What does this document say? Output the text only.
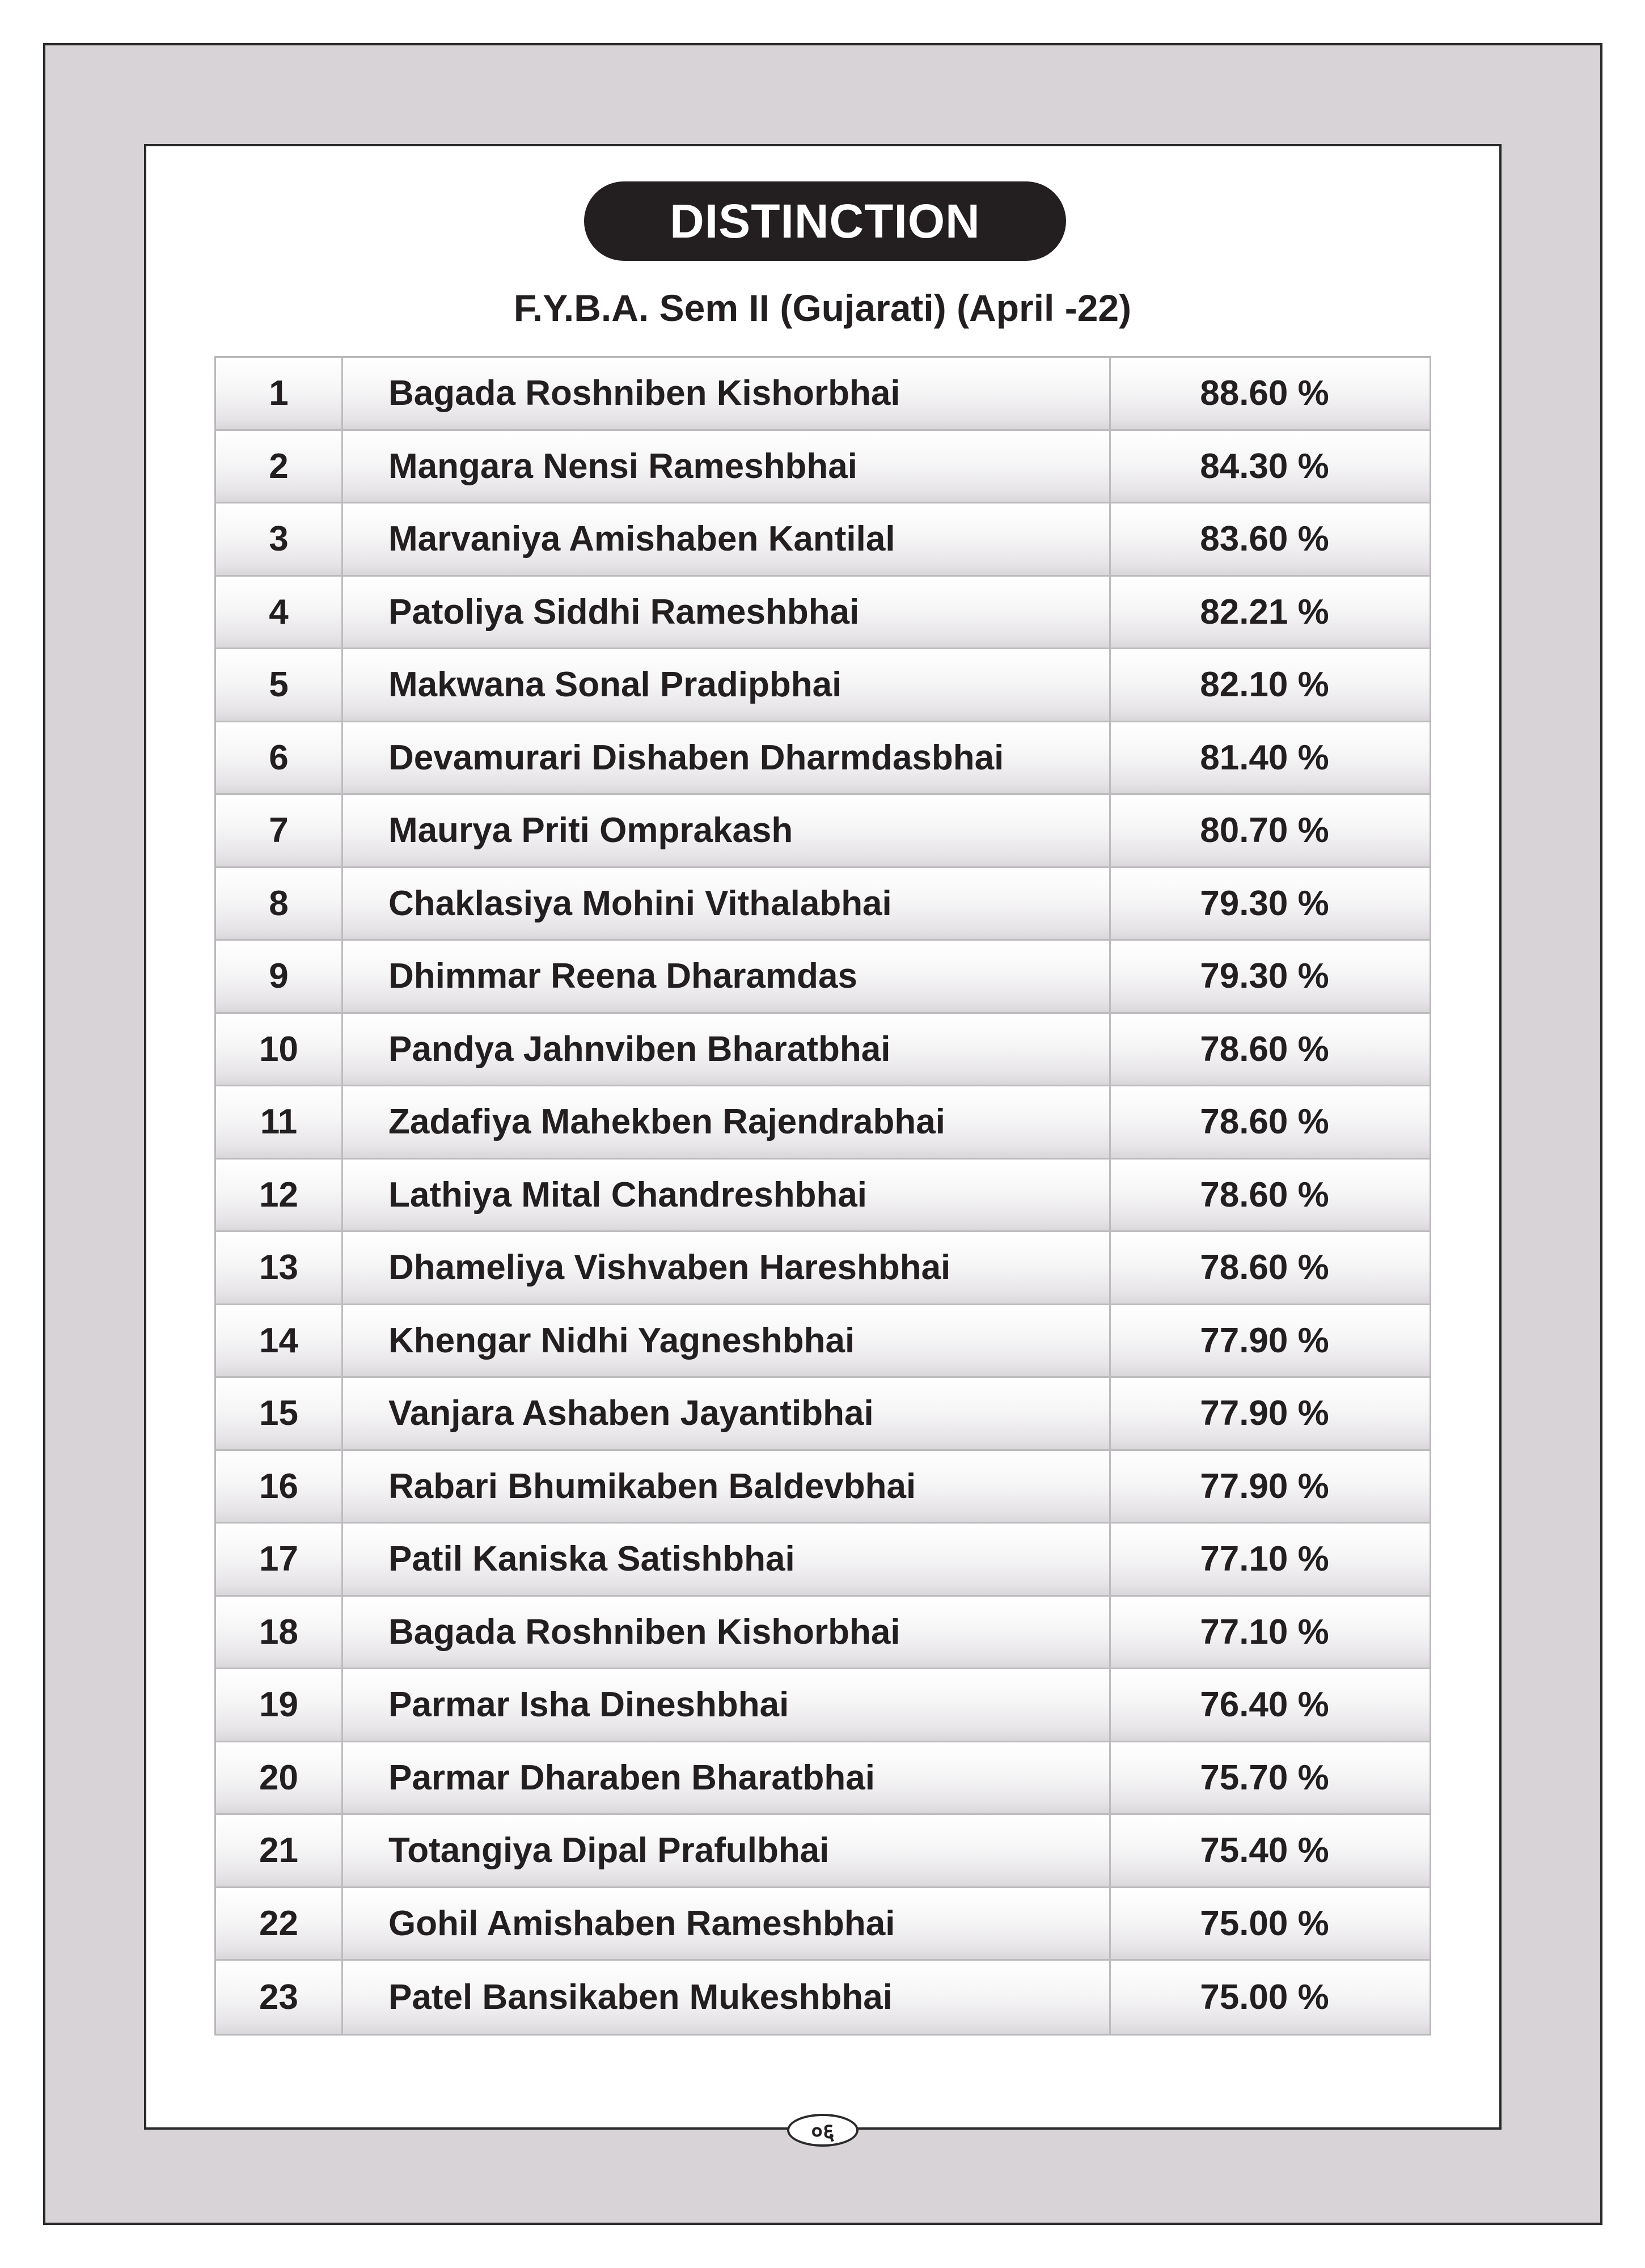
DISTINCTION
F.Y.B.A. Sem II (Gujarati) (April -22)
1	Bagada Roshniben Kishorbhai	88.60 %
2	Mangara Nensi Rameshbhai	84.30 %
3	Marvaniya Amishaben Kantilal	83.60 %
4	Patoliya Siddhi Rameshbhai	82.21 %
5	Makwana Sonal Pradipbhai	82.10 %
6	Devamurari Dishaben Dharmdasbhai	81.40 %
7	Maurya Priti Omprakash	80.70 %
8	Chaklasiya Mohini Vithalabhai	79.30 %
9	Dhimmar Reena Dharamdas	79.30 %
10	Pandya Jahnviben Bharatbhai	78.60 %
11	Zadafiya Mahekben Rajendrabhai	78.60 %
12	Lathiya Mital Chandreshbhai	78.60 %
13	Dhameliya Vishvaben Hareshbhai	78.60 %
14	Khengar Nidhi Yagneshbhai	77.90 %
15	Vanjara Ashaben Jayantibhai	77.90 %
16	Rabari Bhumikaben Baldevbhai	77.90 %
17	Patil Kaniska Satishbhai	77.10 %
18	Bagada Roshniben Kishorbhai	77.10 %
19	Parmar Isha Dineshbhai	76.40 %
20	Parmar Dharaben Bharatbhai	75.70 %
21	Totangiya Dipal Prafulbhai	75.40 %
22	Gohil Amishaben Rameshbhai	75.00 %
23	Patel Bansikaben Mukeshbhai	75.00 %
०६
